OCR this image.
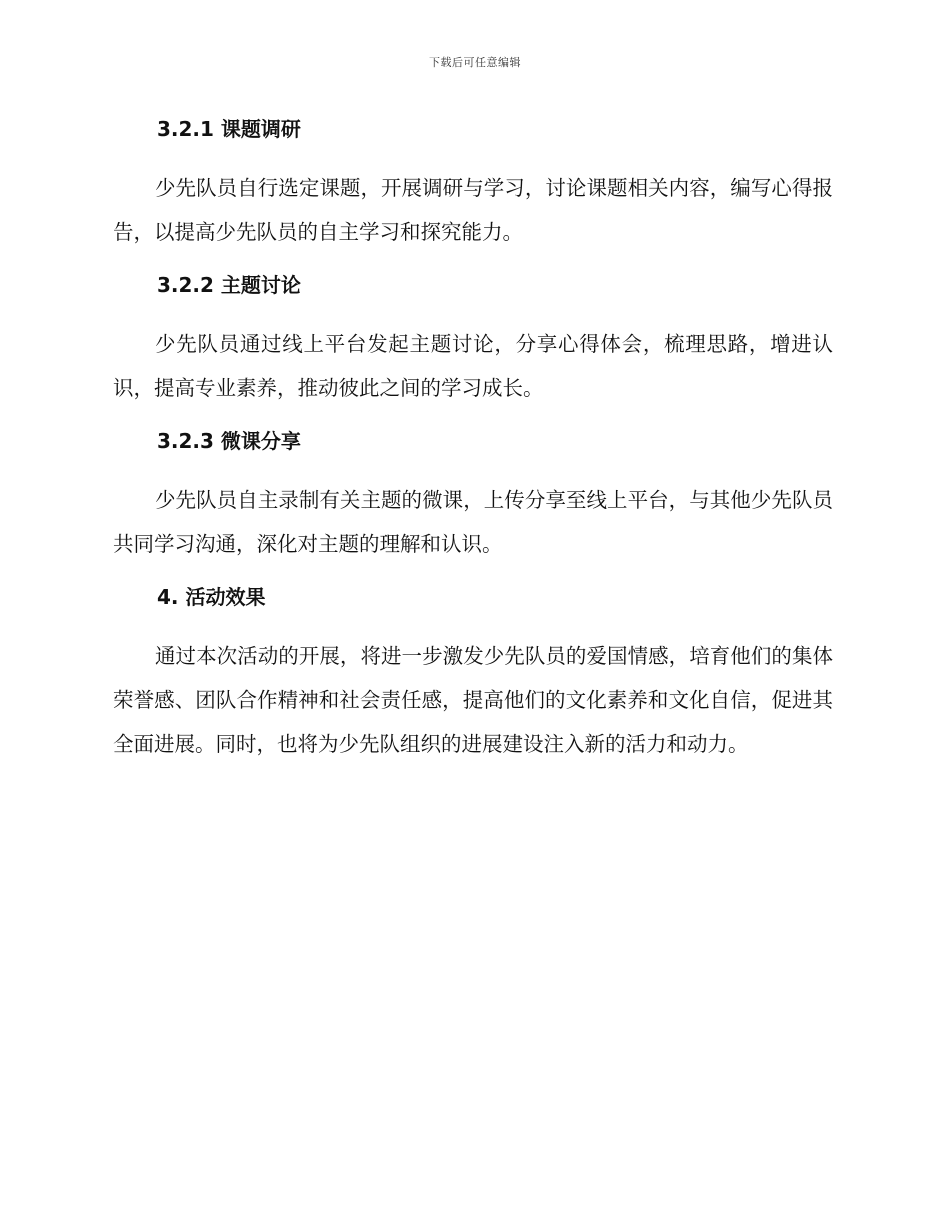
下载后可任意编辑
3.2.1 课题调研

少先队员自行选定课题，开展调研与学习，讨论课题相关内容，编写心得报告，以提高少先队员的自主学习和探究能力。

3.2.2 主题讨论

少先队员通过线上平台发起主题讨论，分享心得体会，梳理思路，增进认识，提高专业素养，推动彼此之间的学习成长。

3.2.3 微课分享

少先队员自主录制有关主题的微课，上传分享至线上平台，与其他少先队员共同学习沟通，深化对主题的理解和认识。

4. 活动效果

通过本次活动的开展，将进一步激发少先队员的爱国情感，培育他们的集体荣誉感、团队合作精神和社会责任感，提高他们的文化素养和文化自信，促进其全面进展。同时，也将为少先队组织的进展建设注入新的活力和动力。
